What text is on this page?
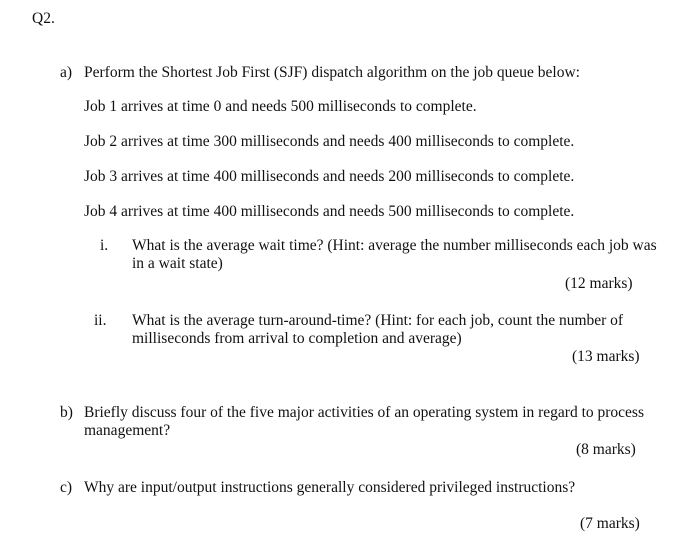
Q2.
a) Perform the Shortest Job First (SJF) dispatch algorithm on the job queue below:
Job 1 arrives at time 0 and needs 500 milliseconds to complete.
Job 2 arrives at time 300 milliseconds and needs 400 milliseconds to complete.
Job 3 arrives at time 400 milliseconds and needs 200 milliseconds to complete.
Job 4 arrives at time 400 milliseconds and needs 500 milliseconds to complete.
i. What is the average wait time? (Hint: average the number milliseconds each job was
in a wait state)
(12 marks)
ii. What is the average turn-around-time? (Hint: for each job, count the number of
milliseconds from arrival to completion and average)
(13 marks)
b) Briefly discuss four of the five major activities of an operating system in regard to process
management?
(8 marks)
c) Why are input/output instructions generally considered privileged instructions?
(7 marks)
